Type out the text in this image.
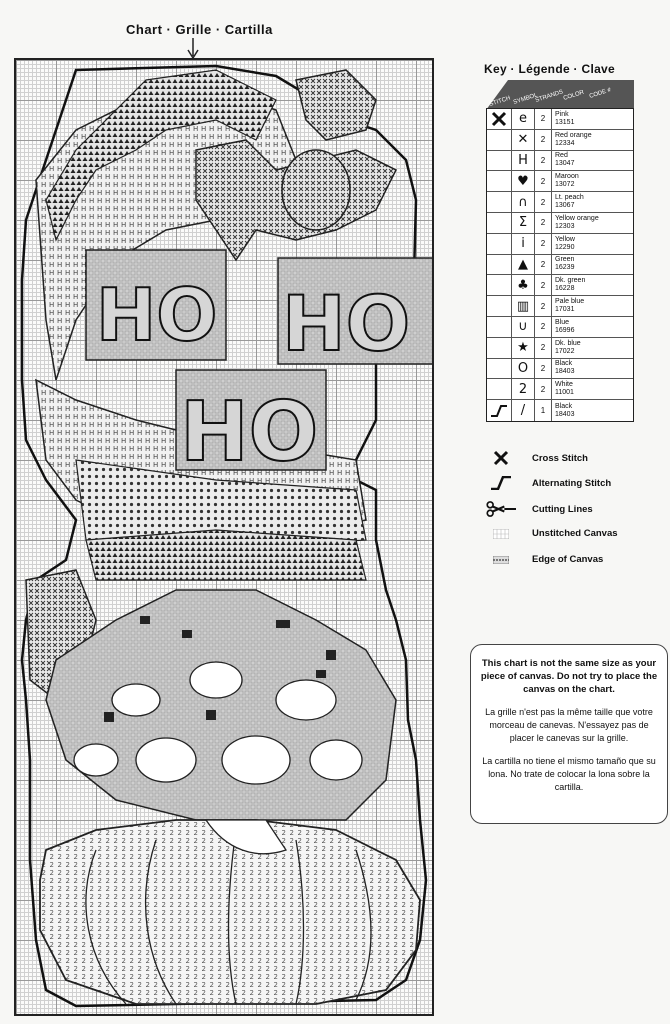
Chart · Grille · Cartilla
HO HO
HO
Key · Légende · Clave
STITCH SYMBOL
STRANDS
COLOR CODE #
e	2	Pink
13151
✕	2	Red orange
12334
H	2	Red
13047
♥	2	Maroon
13072
∩	2	Lt. peach
13067
Σ	2	Yellow orange
12303
i	2	Yellow
12290
▲	2	Green
16239
♣	2	Dk. green
16228
▥	2	Pale blue
17031
∪	2	Blue
16996
★	2	Dk. blue
17022
O	2	Black
18403
2	2	White
11001
/	1	Black
18403
Cross Stitch
Alternating Stitch
Cutting Lines
Unstitched Canvas
Edge of Canvas

This chart is not the same size as your piece of canvas. Do not try to place the canvas on the chart.

La grille n'est pas la même taille que votre morceau de canevas. N'essayez pas de placer le canevas sur la grille.

La cartilla no tiene el mismo tamaño que su lona. No trate de colocar la lona sobre la cartilla.
